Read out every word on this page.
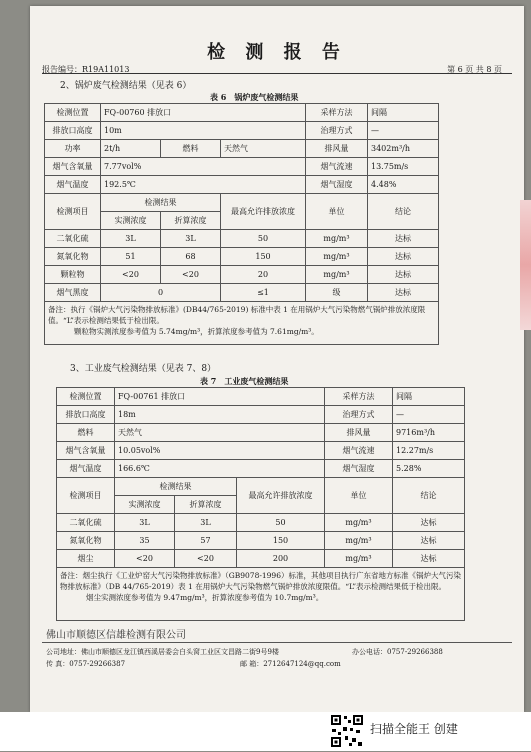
检 测 报 告
报告编号：R19A11013	第 6 页 共 8 页
2、锅炉废气检测结果（见表 6）
表 6　锅炉废气检测结果
检测位置	FQ-00760 排放口			采样方法	间隔
排放口高度	10m			治理方式	—
功率	2t/h	燃料	天然气	排风量	3402m³/h
烟气含氧量	7.77vol%			烟气流速	13.75m/s
烟气温度	192.5℃			烟气湿度	4.48%
检测项目	检测结果		最高允许排放浓度	单位	结论
	实测浓度	折算浓度			
二氧化硫	3L	3L	50	mg/m³	达标
氮氧化物	51	68	150	mg/m³	达标
颗粒物	<20	<20	20	mg/m³	达标
烟气黑度	0		≤1	级	达标

备注：执行《锅炉大气污染物排放标准》(DB44/765-2019) 标准中表 1 在用锅炉大气污染物燃气锅炉排放浓度限值。“L”表示检测结果低于检出限。
颗粒物实测浓度参考值为 5.74mg/m³，折算浓度参考值为 7.61mg/m³。					
3、工业废气检测结果（见表 7、8）
表 7　工业废气检测结果
检测位置	FQ-00761 排放口	采样方法	间隔
排放口高度	18m	治理方式	—
燃料	天然气	排风量	9716m³/h
烟气含氧量	10.05vol%	烟气流速	12.27m/s
烟气温度	166.6℃	烟气湿度	5.28%
检测项目	检测结果		最高允许排放浓度	单位	结论
	实测浓度	折算浓度			
二氧化硫	3L	3L	50	mg/m³	达标
氮氧化物	35	57	150	mg/m³	达标
烟尘	<20	<20	200	mg/m³	达标

备注：烟尘执行《工业炉窑大气污染物排放标准》（GB9078-1996）标准，其他项目执行广东省地方标准《锅炉大气污染物排放标准》（DB 44/765-2019）表 1 在用锅炉大气污染物燃气锅炉排放浓度限值。“L”表示检测结果低于检出限。
烟尘实测浓度参考值为 9.47mg/m³，折算浓度参考值为 10.7mg/m³。					
佛山市顺德区信雄检测有限公司
公司地址：佛山市顺德区龙江镇西溪居委会白头窝工业区文昌路二街9号9楼	办公电话：0757-29266388
传 真：0757-29266387	邮 箱：271264712​4@qq.com
扫描全能王 创建
